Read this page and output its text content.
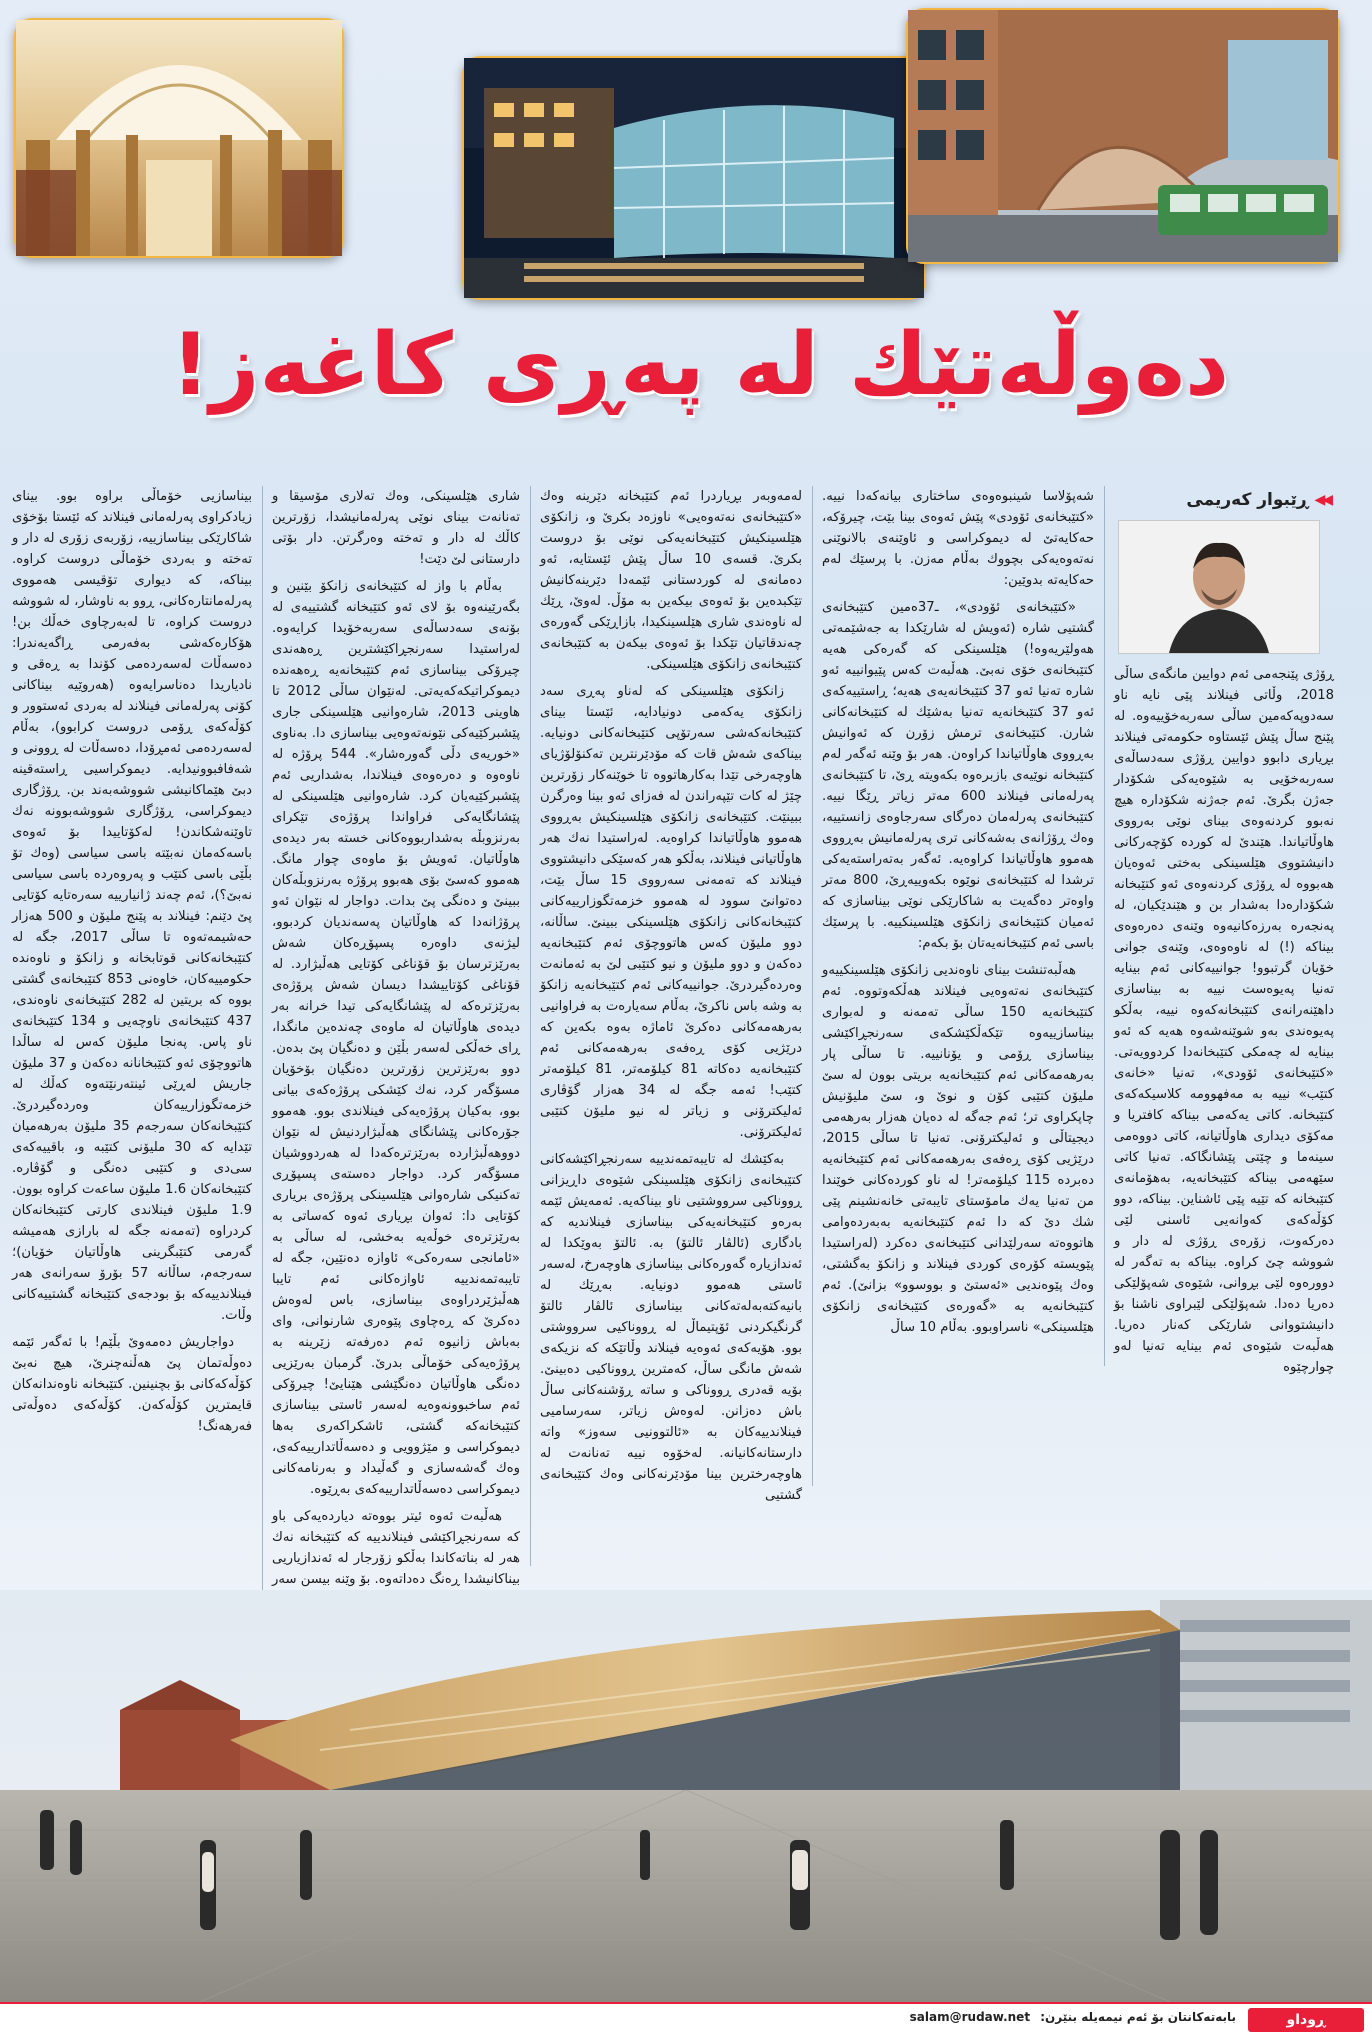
دەوڵەتێك لە پەڕی كاغەز!
◀◀
ڕێبوار كەریمی

ڕۆژی پێنجەمی ئەم دوایین مانگەی ساڵی 2018، وڵاتی فینلاند پێی نایە ناو سەدوپەكەمین ساڵی سەربەخۆییەوە. لە پێنج ساڵ پێش ئێستاوە حكومەتی فینلاند بڕیاری دابوو دوایین ڕۆژی سەدساڵەی سەربەخۆیی بە شێوەیەكی شكۆدار جەژن بگرێ. ئەم جەژنە شكۆدارە هیچ نەبوو كردنەوەی بینای نوێی بەرووی هاوڵاتیاندا. هێندێ لە كوردە كۆچەركانی دانیشتووی هێلسینكی بەختی ئەوەیان هەبووە لە ڕۆژی كردنەوەی ئەو كتێبخانە شكۆدارەدا بەشدار بن و هێندێكیان، لە پەنجەرە بەرزەكانیەوە وێنەی دەرەوەی بیناكە (!) لە ناوەوەی، وێنەی جوانی خۆیان گرتبوو! جوانییەكانی ئەم بینایە تەنیا پەیوەست نییە بە بیناسازی داهێنەرانەی كتێبخانەكەوە نییە، بەڵكو پەیوەندی بەو شوێنەشەوە هەیە كە ئەو بینایە لە چەمكی كتێبخانەدا كردوویەتی. «كتێبخانەی ئۆودی»، تەنیا «خانەی كتێب» نییە بە مەفهوومە كلاسیكەكەی كتێبخانە. كاتی یەكەمی بیناكە كافتریا و مەكۆی دیداری هاوڵاتیانە، كاتی دووەمی سینەما و چێتی پێشانگاكە. تەنیا كاتی سێهەمی بیناكە كتێبخانەیە، بەهۆمانەی كتێبخانە كە تێیە پێی ئاشناین. بیناكە، دوو كۆڵەكەی كەوانەیی ئاسنی لێی دەركەوت، زۆرەی ڕۆژی لە دار و شووشە چێ كراوە. بیناكە بە تەگەر لە دوورەوە لێی بڕوانی، شێوەی شەپۆلێكی دەریا دەدا. شەپۆلێكی لێبراوی ناشنا بۆ دانیشتووانی شارێكی كەنار دەریا. هەڵبەت شێوەی ئەم بینایە تەنیا لەو چوارچێوە

شەپۆلاسا شینبوەوەی ساختاری بیانەكەدا نییە. «كتێبخانەی ئۆودی» پێش ئەوەی بینا بێت، چیرۆكە، حەكایەتێ لە دیموكراسی و ئاوێنەی بالانوێنی نەتەوەیەكی بچووك بەڵام مەزن. با پرسێك لەم حەكایەتە بدوێین:

«كتێبخانەی ئۆودی»، ـ37ەمین كتێبخانەی گشتیی شارە (ئەویش لە شارێكدا بە جەشێمەتی هەولێریەوە!) هێلسینكی كە گەرەكی هەیە كتێبخانەی خۆی نەبێ. هەڵبەت كەس پێیوانییە ئەو شارە تەنیا ئەو 37 كتێبخانەیەی هەیە؛ ڕاستییەكەی ئەو 37 كتێبخانەیە تەنیا بەشێك لە كتێبخانەكانی شارن. كتێبخانەی ترمش زۆرن كە ئەوانیش بەڕووی هاوڵاتیاندا كراوەن. هەر بۆ وێنە ئەگەر لەم كتێبخانە نوێیەی بازبرەوە بكەویتە ڕێ، تا كتێبخانەی پەرلەمانی فینلاند 600 مەتر زیاتر ڕێگا نییە. كتێبخانەی پەرلەمان دەرگای سەرجاوەی زانستییە، وەك ڕۆژانەی بەشەكانی تری پەرلەمانیش بەڕووی هەموو هاوڵاتیاندا كراوەیە. ئەگەر بەتەراستەیەكی ترشدا لە كتێبخانەی نوێوە بكەوییەڕێ، 800 مەتر واوەتر دەگەیت بە شاكارێكی نوێی بیناسازی كە ئەمیان كتێبخانەی زانكۆی هێلسینكییە. با پرسێك باسی ئەم كتێبخانەیەتان بۆ بكەم:

هەڵبەتنشت بینای ناوەندیی زانكۆی هێلسینكییەو كتێبخانەی نەتەوەیی فینلاند هەڵكەوتووە. ئەم كتێبخانەیە 150 ساڵی تەمەنە و لەبواری بیناسازییەوە تێكەڵكێشكەی سەرنجڕاكێشی بیناسازی ڕۆمی و یۆنانییە. تا ساڵی پار بەرهەمەكانی ئەم كتێبخانەیە بریتی بوون لە سێ ملیۆن كتێبی كۆن و نوێ و، سێ ملیۆنیش چاپكراوی تر؛ ئەم جەگە لە دەیان هەزار بەرهەمی دیجیتاڵی و ئەلیكترۆنی. تەنیا تا ساڵی 2015، درێژیی كۆی ڕەفەی بەرهەمەكانی ئەم كتێبخانەیە دەبردە 115 كیلۆمەتر! لە ناو كوردەكانی خوێندا من تەنیا یەك مامۆستای تایبەتی خانەنشینم پێی شك دێ كە دا ئەم كتێبخانەیە بەبەردەوامی هاتووەتە سەرلێدانی كتێبخانەی دەكرد (لەراستیدا پێویستە كۆرەی كوردی فینلاند و زانكۆ بەگشتی، وەك پێوەندیی «ئەستێ و بووسوو» بزانێ). ئەم كتێبخانەیە بە «گەورەی كتێبخانەی زانكۆی هێلسینكی» ناسراوبوو. بەڵام 10 ساڵ

لەمەوبەر بڕیاردرا ئەم كتێبخانە دێرینە وەك «كتێبخانەی نەتەوەیی» ناوزەد بكرێ و، زانكۆی هێلسینكیش كتێبخانەیەكی نوێی بۆ دروست بكرێ. قسەی 10 ساڵ پێش ئێستایە، ئەو دەمانەی لە كوردستانی ئێمەدا دێرینەكانیش تێكبدەین بۆ ئەوەی بیكەین بە مۆڵ. لەوێ، ڕێك لە ناوەندی شاری هێلسینكیدا، بازاڕێكی گەورەی چەندقاتیان تێكدا بۆ ئەوەی بیكەن بە كتێبخانەی كتێبخانەی زانكۆی هێلسینكی.

زانكۆی هێلسینكی كە لەناو پەڕی سەد زانكۆی یەكەمی دونیادایە، ئێستا بینای كتێبخانەكەشی سەرتۆپی كتێبخانەكانی دونیایە. بیناكەی شەش قات كە مۆدێرنترین تەكنۆلۆژیای هاوچەرخی تێدا بەكارهاتووە تا خوێنەكار زۆرترین چێژ لە كات تێپەراندن لە فەزای ئەو بینا وەرگرن ببینێت. كتێبخانەی زانكۆی هێلسینكیش بەڕووی هەموو هاوڵاتیاندا كراوەیە. لەراستیدا نەك هەر هاوڵاتیانی فینلاند، بەڵكو هەر كەسێكی دانیشتووی فینلاند كە تەمەنی سەرووی 15 ساڵ بێت، دەتوانێ سوود لە هەموو خزمەتگوزارییەكانی كتێبخانەكانی زانكۆی هێلسینكی ببینێ. ساڵانە، دوو ملیۆن كەس هاتووچۆی ئەم كتێبخانەیە دەكەن و دوو ملیۆن و نیو كتێبی لێ بە ئەمانەت وەردەگیردرێ. جوانییەكانی ئەم كتێبخانەیە زانكۆ بە وشە باس ناكرێ، بەڵام سەیارەت بە فراوانیی بەرهەمەكانی دەكرێ ئاماژە بەوە بكەین كە درێژیی كۆی ڕەفەی بەرهەمەكانی ئەم كتێبخانەیە دەكاتە 81 كیلۆمەتر، 81 كیلۆمەتر كتێب! ئەمە جگە لە 34 هەزار گۆڤاری ئەلیكترۆنی و زیاتر لە نیو ملیۆن كتێبی ئەلیكترۆنی.

بەكێشك لە تایبەتمەندییە سەرنجڕاكێشەكانی كتێبخانەی زانكۆی هێلسینكی شێوەی داڕیزانی ڕووناكیی سرووشتیی ناو بیناكەیە. ئەمەیش ئێمە بەرەو كتێبخانەیەكی بیناسازی فینلاندیە كە بادگاری (ئالڤار ئالتۆ) بە. ئالتۆ بەوێكدا لە ئەندازیارە گەورەكانی بیناسازی هاوچەرخ، لەسەر ئاستی هەموو دونیایە. بەڕێك لە بانیەكتەبەلەتەكانی بیناسازی ئالڤار ئالتۆ گرنگیكردنی ئۆپتیماڵ لە ڕووناكیی سرووشتی بوو. هۆیەكەی ئەوەیە فینلاند وڵاتێكە كە نزیكەی شەش مانگی ساڵ، كەمترین ڕووناكیی دەبینێ. بۆیە قەدری ڕووناكی و ساتە ڕۆشنەكانی ساڵ باش دەزانن. لەوەش زیاتر، سەرسامیی فینلاندییەكان بە «ئالتوونیی سەوز» واتە دارستانەكانیانە. لەخۆوە نییە تەنانەت لە هاوچەرخترین بینا مۆدێرنەكانی وەك كتێبخانەی گشتیی

شاری هێلسینكی، وەك تەلاری مۆسیقا و تەنانەت بینای نوێی پەرلەمانیشدا، زۆرترین كاڵك لە دار و تەختە وەرگرتن. دار بۆتی دارستانی لێ دێت!

بەڵام با واز لە كتێبخانەی زانكۆ بێنین و بگەرێینەوە بۆ لای ئەو كتێبخانە گشتییەی لە بۆنەی سەدساڵەی سەربەخۆیدا كرایەوە. لەراستیدا سەرنجڕاكێشترین ڕەهەندی چیرۆكی بیناسازی ئەم كتێبخانەیە ڕەهەندە دیموكراتیكەكەیەتی. لەنێوان ساڵی 2012 تا هاوینی 2013، شارەوانیی هێلسینكی جاری پێشبركێیەكی نێونەتەوەیی بیناسازی دا. بەناوی «خوریەی دڵی گەورەشار». 544 پرۆژە لە ناوەوە و دەرەوەی فینلاندا، بەشداریی ئەم پێشبركێیەیان كرد. شارەوانیی هێلسینكی لە پێشانگایەكی فراواندا پرۆژەی تێكرای بەرنزوبڵە بەشداربووەكانی خستە بەر دیدەی هاوڵاتیان. ئەویش بۆ ماوەی چوار مانگ. هەموو كەسێ بۆی هەبوو پرۆژە بەرنزوبڵەكان ببینێ و دەنگی پێ بدات. دواجار لە نێوان ئەو پرۆژانەدا كە هاوڵاتیان پەسەندیان كردبوو، لیژنەی داوەرە پسپۆڕەكان شەش بەرێزترسان بۆ قۆناغی كۆتایی هەڵبژارد. لە قۆناغی كۆتاییشدا دیسان شەش پرۆژەی بەرێزترەكە لە پێشانگایەكی تیدا خرانە بەر دیدەی هاوڵاتیان لە ماوەی چەندەین مانگدا، ڕای خەڵكی لەسەر بڵێن و دەنگیان پێ بدەن. دوو بەرێزترین زۆرترین دەنگیان بۆخۆیان مسۆگەر كرد، نەك كێشكی پرۆژەكەی بیانی بوو، بەكیان پرۆژەیەكی فینلاندی بوو. هەموو جۆرەكانی پێشانگای هەڵبژاردنیش لە نێوان دووهەڵبژاردە بەرێزترەكەدا لە هەردووشیان مسۆگەر كرد. دواجار دەستەی پسپۆڕی تەكنیكی شارەوانی هێلسینكی پرۆژەی برياری كۆتایی دا: ئەوان بڕیاری ئەوە كەساتی بە بەرێزترەی خوڵەیە بەخشی، لە ساڵی بە «ئامانجی سەرەكی» ئاوازە دەنێین، جگە لە تایبەتمەندییە ئاوازەكانی ئەم تایبا هەڵبژێردراوەی بیناسازی، باس لەوەش دەكرێ كە ڕەچاوی پێوەری شارنوانی، وای بەباش زانیوە ئەم دەرفەتە زێرینە بە پرۆژەیەكی خۆماڵی بدرێ. گرمبان بەرێزیی دەنگی هاوڵاتیان دەنگێشی هێنایێ! چیرۆكی ئەم ساخبوونەوەیە لەسەر ئاستی بیناسازی كتێبخانەكە گشتی، ئاشكراكەری بەها دیموكراسی و مێژوویی و دەسەڵاتدارییەكەی، وەك گەشەسازی و گەڵیداد و بەرنامەكانی دیموكراسی دەسەڵاتدارییەكەی بەڕێوە.

هەڵبەت ئەوە ئیتر بووەتە دیاردەیەكی باو كە سەرنجڕاكێشی فینلاندییە كە كتێبخانە نەك هەر لە بناتەكاندا بەڵكو زۆرجار لە ئەندازیاریی بیناكانیشدا ڕەنگ دەداتەوە. بۆ وێنە بیسن سەر

بیناسازیی خۆماڵی براوە بوو. بینای زیادكراوی پەرلەمانی فینلاند كە ئێستا بۆخۆی شاكارێكی بیناسازییە، زۆربەی زۆری لە دار و تەختە و بەردی خۆماڵی دروست كراوە. بیناكە، كە دیواری تۆقیسی هەمووی پەرلەمانتارەكانی، ڕوو بە ناوشار، لە شووشە دروست كراوە، تا لەبەرچاوی خەڵك بن! هۆكارەكەشی بەفەرمی ڕاگەیەندرا: دەسەڵات لەسەردەمی كۆندا بە ڕەقی و نادیاریدا دەناسرایەوە (هەروێیە بیناكانی كۆنی پەرلەمانی فینلاند لە بەردی ئەستوور و كۆڵەكەی ڕۆمی دروست كرابوو)، بەڵام لەسەردەمی ئەمڕۆدا، دەسەڵات لە ڕوونی و شەفافبوونیدایە. دیموكراسیی ڕاستەقینە دبێ هێماكانیشی شووشەبەند بن. ڕۆژگاری دیموكراسی، ڕۆژگاری شووشەبوونە نەك تاوێنەشكاندن! لەكۆتاییدا بۆ ئەوەی باسەكەمان نەبێتە باسی سیاسی (وەك تۆ بڵێی باسی كتێب و پەروەردە باسی سیاسی نەبێ؟)، ئەم چەند ژانیارییە سەرەتایە كۆتایی پێ دێنم: فینلاند بە پێنج ملیۆن و 500 هەزار حەشیمەتەوە تا ساڵی 2017، جگە لە كتێبخانەكانی قوتابخانە و زانكۆ و ناوەندە حكومییەكان، خاوەنی 853 كتێبخانەی گشتی بووە كە بریتین لە 282 كتێبخانەی ناوەندی، 437 كتێبخانەی ناوچەیی و 134 كتێبخانەی ناو پاس. پەنجا ملیۆن كەس لە ساڵدا هاتووچۆی ئەو كتێبخانانە دەكەن و 37 ملیۆن جاریش لەڕێی ئینتەرنێتەوە كەڵك لە خزمەتگوزارییەكان وەردەگیردرێ. كتێبخانەكان سەرجەم 35 ملیۆن بەرهەمیان تێدایە كە 30 ملیۆنی كتێبە و، باقییەكەی سی‌دی و كتێبی دەنگی و گۆڤارە. كتێبخانەكان 1.6 ملیۆن ساعەت كراوە بوون. 1.9 ملیۆن فینلاندی كارتی كتێبخانەكان كردراوە (تەمەنە جگە لە بارازی هەمیشە گەرمی كتێبگرینی هاوڵاتیان خۆیان)؛ سەرجەم، ساڵانە 57 بۆرۆ سەرانەی هەر فینلاندییەكە بۆ بودجەی كتێبخانە گشتییەكانی وڵات.

دواجاریش دەمەوێ بڵێم! با ئەگەر ئێمە دەوڵەتمان پێ هەڵنەچنرێ، هیچ نەبێ كۆڵەكەكانی بۆ بچنینین. كتێبخانە ناوەندانەكان قایمترین كۆڵەكەن. كۆڵەكەی دەوڵەتی فەرهەنگ!

ڕوداو
بابەتەكانتان بۆ ئەم نیمەیلە بنێرن: salam@rudaw.net
